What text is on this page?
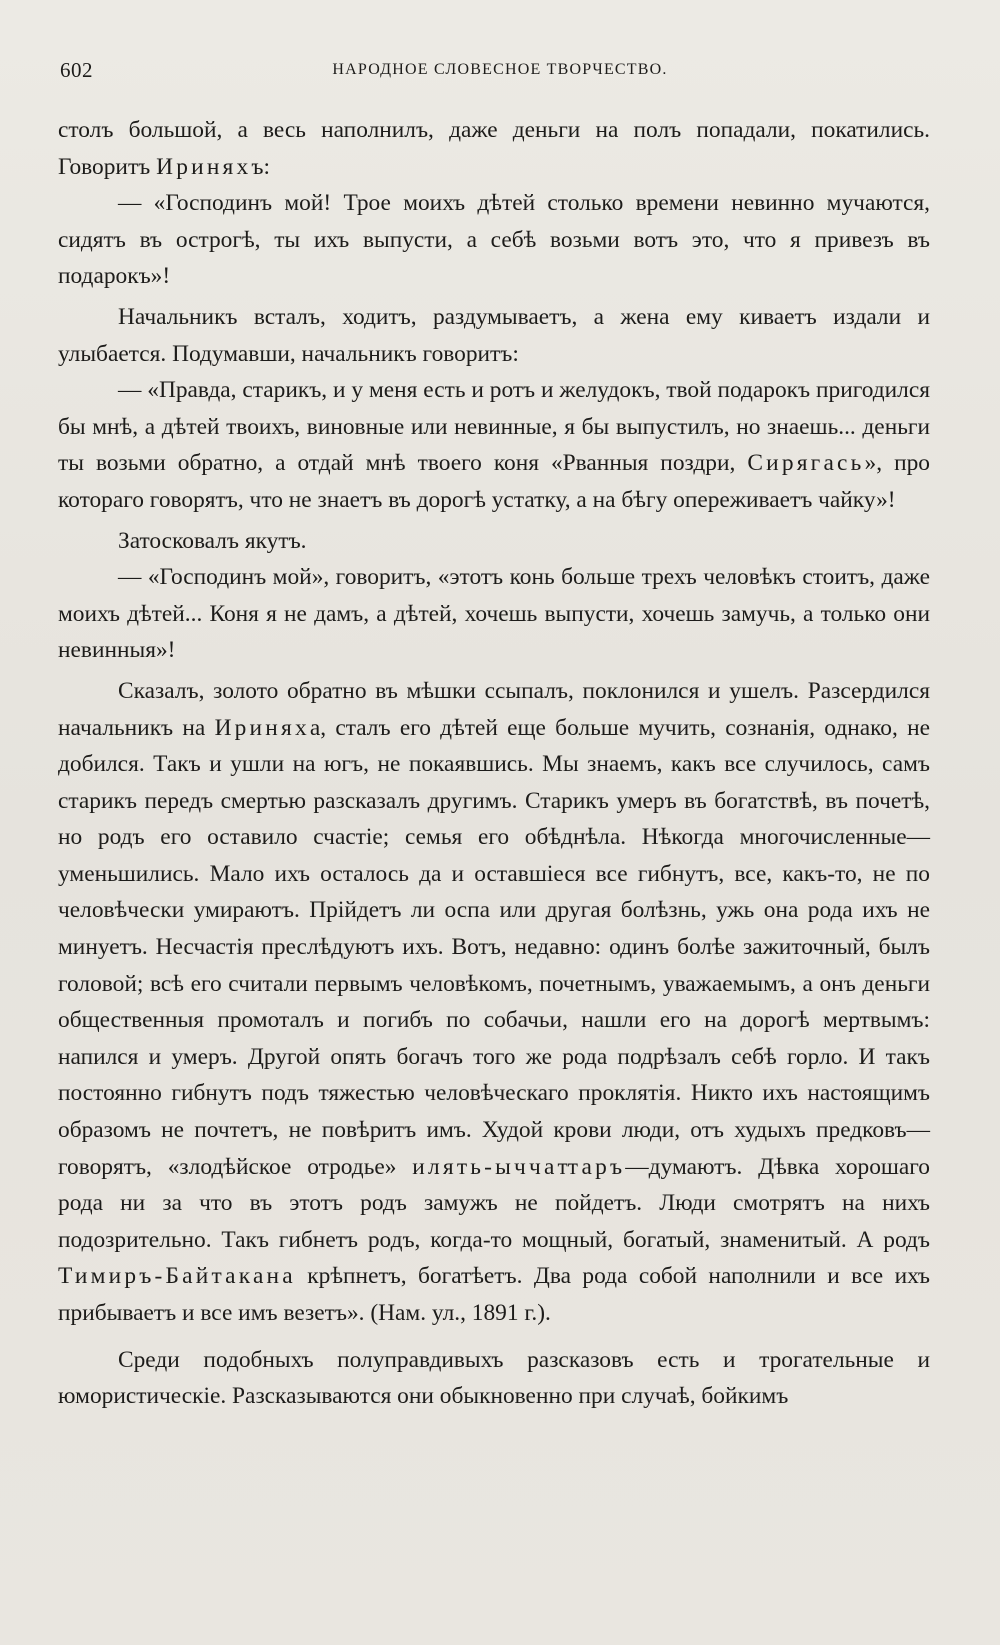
602	НАРОДНОЕ СЛОВЕСНОЕ ТВОРЧЕСТВО.

столъ большой, а весь наполнилъ, даже деньги на полъ попадали, покатились. Говоритъ Ириняхъ:

— «Господинъ мой! Трое моихъ дѣтей столько времени невинно мучаются, сидятъ въ острогѣ, ты ихъ выпусти, а себѣ возьми вотъ это, что я привезъ въ подарокъ»!

Начальникъ всталъ, ходитъ, раздумываетъ, а жена ему киваетъ издали и улыбается. Подумавши, начальникъ говоритъ:

— «Правда, старикъ, и у меня есть и ротъ и желудокъ, твой подарокъ пригодился бы мнѣ, а дѣтей твоихъ, виновные или невинные, я бы выпустилъ, но знаешь... деньги ты возьми обратно, а отдай мнѣ твоего коня «Рванныя поздри, Сирягась», про котораго говорятъ, что не знаетъ въ дорогѣ устатку, а на бѣгу опереживаетъ чайку»!

Затосковалъ якутъ.

— «Господинъ мой», говоритъ, «этотъ конь больше трехъ человѣкъ стоитъ, даже моихъ дѣтей... Коня я не дамъ, а дѣтей, хочешь выпусти, хочешь замучь, а только они невинныя»!

Сказалъ, золото обратно въ мѣшки ссыпалъ, поклонился и ушелъ. Разсердился начальникъ на Ириняха, сталъ его дѣтей еще больше мучить, сознанія, однако, не добился. Такъ и ушли на югъ, не покаявшись. Мы знаемъ, какъ все случилось, самъ старикъ передъ смертью разсказалъ другимъ. Старикъ умеръ въ богатствѣ, въ почетѣ, но родъ его оставило счастіе; семья его обѣднѣла. Нѣкогда многочисленные—уменьшились. Мало ихъ осталось да и оставшіеся все гибнутъ, все, какъ-то, не по человѣчески умираютъ. Прійдетъ ли оспа или другая болѣзнь, ужь она рода ихъ не минуетъ. Несчастія преслѣдуютъ ихъ. Вотъ, недавно: одинъ болѣе зажиточный, былъ головой; всѣ его считали первымъ человѣкомъ, почетнымъ, уважаемымъ, а онъ деньги общественныя промоталъ и погибъ по собачьи, нашли его на дорогѣ мертвымъ: напился и умеръ. Другой опять богачъ того же рода подрѣзалъ себѣ горло. И такъ постоянно гибнутъ подъ тяжестью человѣческаго проклятія. Никто ихъ настоящимъ образомъ не почтетъ, не повѣритъ имъ. Худой крови люди, отъ худыхъ предковъ—говорятъ, «злодѣйское отродье» илять-ыччаттаръ—думаютъ. Дѣвка хорошаго рода ни за что въ этотъ родъ замужъ не пойдетъ. Люди смотрятъ на нихъ подозрительно. Такъ гибнетъ родъ, когда-то мощный, богатый, знаменитый. А родъ Тимиръ-Байтакана крѣпнетъ, богатѣетъ. Два рода собой наполнили и все ихъ прибываетъ и все имъ везетъ». (Нам. ул., 1891 г.).

Среди подобныхъ полуправдивыхъ разсказовъ есть и трогательные и юмористическіе. Разсказываются они обыкновенно при случаѣ, бойкимъ
